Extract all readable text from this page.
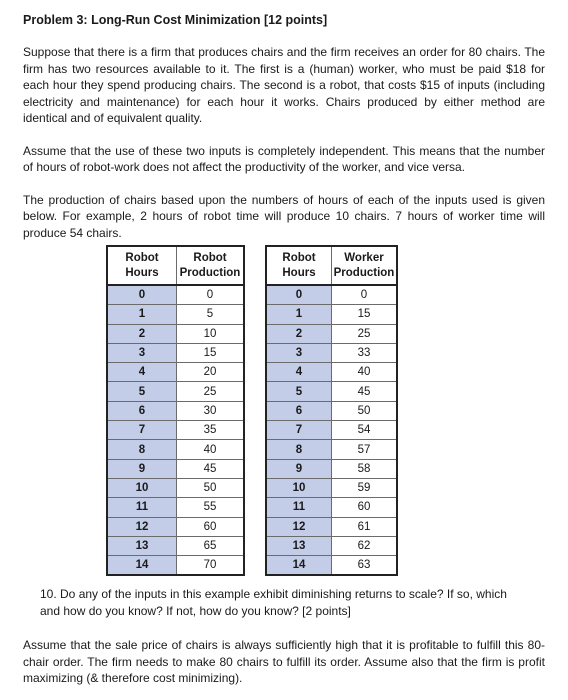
Problem 3: Long-Run Cost Minimization [12 points]

Suppose that there is a firm that produces chairs and the firm receives an order for 80 chairs. The firm has two resources available to it. The first is a (human) worker, who must be paid $18 for each hour they spend producing chairs. The second is a robot, that costs $15 of inputs (including electricity and maintenance) for each hour it works. Chairs produced by either method are identical and of equivalent quality.

Assume that the use of these two inputs is completely independent. This means that the number of hours of robot-work does not affect the productivity of the worker, and vice versa.

The production of chairs based upon the numbers of hours of each of the inputs used is given below. For example, 2 hours of robot time will produce 10 chairs. 7 hours of worker time will produce 54 chairs.

Robot Hours	Robot Production
0	0
1	5
2	10
3	15
4	20
5	25
6	30
7	35
8	40
9	45
10	50
11	55
12	60
13	65
14	70
Robot Hours	Worker Production
0	0
1	15
2	25
3	33
4	40
5	45
6	50
7	54
8	57
9	58
10	59
11	60
12	61
13	62
14	63
10. Do any of the inputs in this example exhibit diminishing returns to scale? If so, which and how do you know? If not, how do you know? [2 points]
Assume that the sale price of chairs is always sufficiently high that it is profitable to fulfill this 80-chair order. The firm needs to make 80 chairs to fulfill its order. Assume also that the firm is profit maximizing (& therefore cost minimizing).
